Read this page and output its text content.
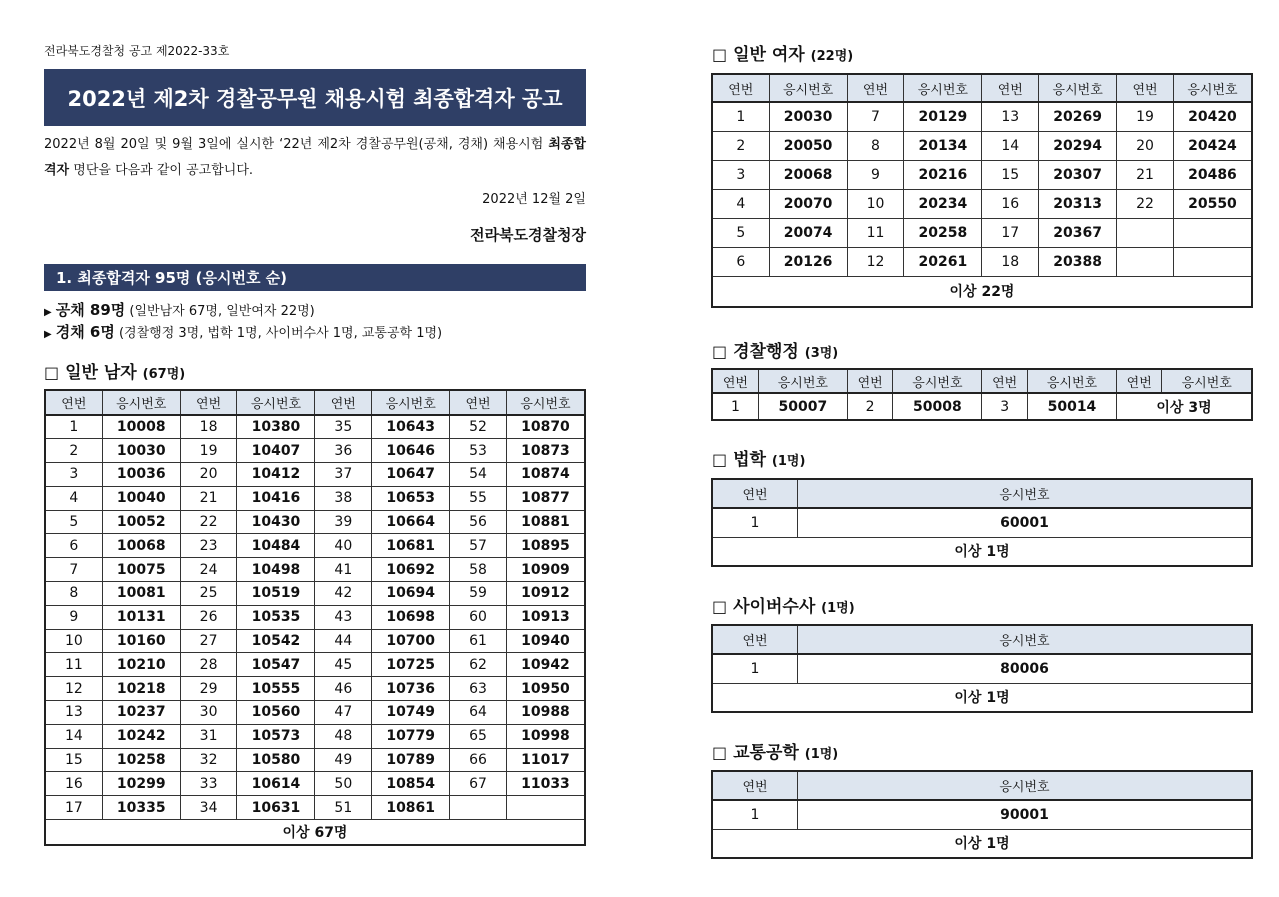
전라북도경찰청 공고 제2022-33호
2022년 제2차 경찰공무원 채용시험 최종합격자 공고
2022년 8월 20일 및 9월 3일에 실시한 ‘22년 제2차 경찰공무원(공채, 경채) 채용시험 최종합격자 명단을 다음과 같이 공고합니다.
2022년 12월 2일
전라북도경찰청장
1. 최종합격자 95명 (응시번호 순)
▶ 공채 89명 (일반남자 67명, 일반여자 22명)
▶ 경채 6명 (경찰행정 3명, 법학 1명, 사이버수사 1명, 교통공학 1명)
□ 일반 남자 (67명)
연번	응시번호	연번	응시번호	연번	응시번호	연번	응시번호
1	10008	18	10380	35	10643	52	10870
2	10030	19	10407	36	10646	53	10873
3	10036	20	10412	37	10647	54	10874
4	10040	21	10416	38	10653	55	10877
5	10052	22	10430	39	10664	56	10881
6	10068	23	10484	40	10681	57	10895
7	10075	24	10498	41	10692	58	10909
8	10081	25	10519	42	10694	59	10912
9	10131	26	10535	43	10698	60	10913
10	10160	27	10542	44	10700	61	10940
11	10210	28	10547	45	10725	62	10942
12	10218	29	10555	46	10736	63	10950
13	10237	30	10560	47	10749	64	10988
14	10242	31	10573	48	10779	65	10998
15	10258	32	10580	49	10789	66	11017
16	10299	33	10614	50	10854	67	11033
17	10335	34	10631	51	10861		
이상 67명							
□ 일반 여자 (22명)
연번	응시번호	연번	응시번호	연번	응시번호	연번	응시번호
1	20030	7	20129	13	20269	19	20420
2	20050	8	20134	14	20294	20	20424
3	20068	9	20216	15	20307	21	20486
4	20070	10	20234	16	20313	22	20550
5	20074	11	20258	17	20367		
6	20126	12	20261	18	20388		
이상 22명							
□ 경찰행정 (3명)
연번	응시번호	연번	응시번호	연번	응시번호	연번	응시번호
1	50007	2	50008	3	50014	이상 3명	
□ 법학 (1명)
연번	응시번호
1	60001
이상 1명	
□ 사이버수사 (1명)
연번	응시번호
1	80006
이상 1명	
□ 교통공학 (1명)
연번	응시번호
1	90001
이상 1명	
